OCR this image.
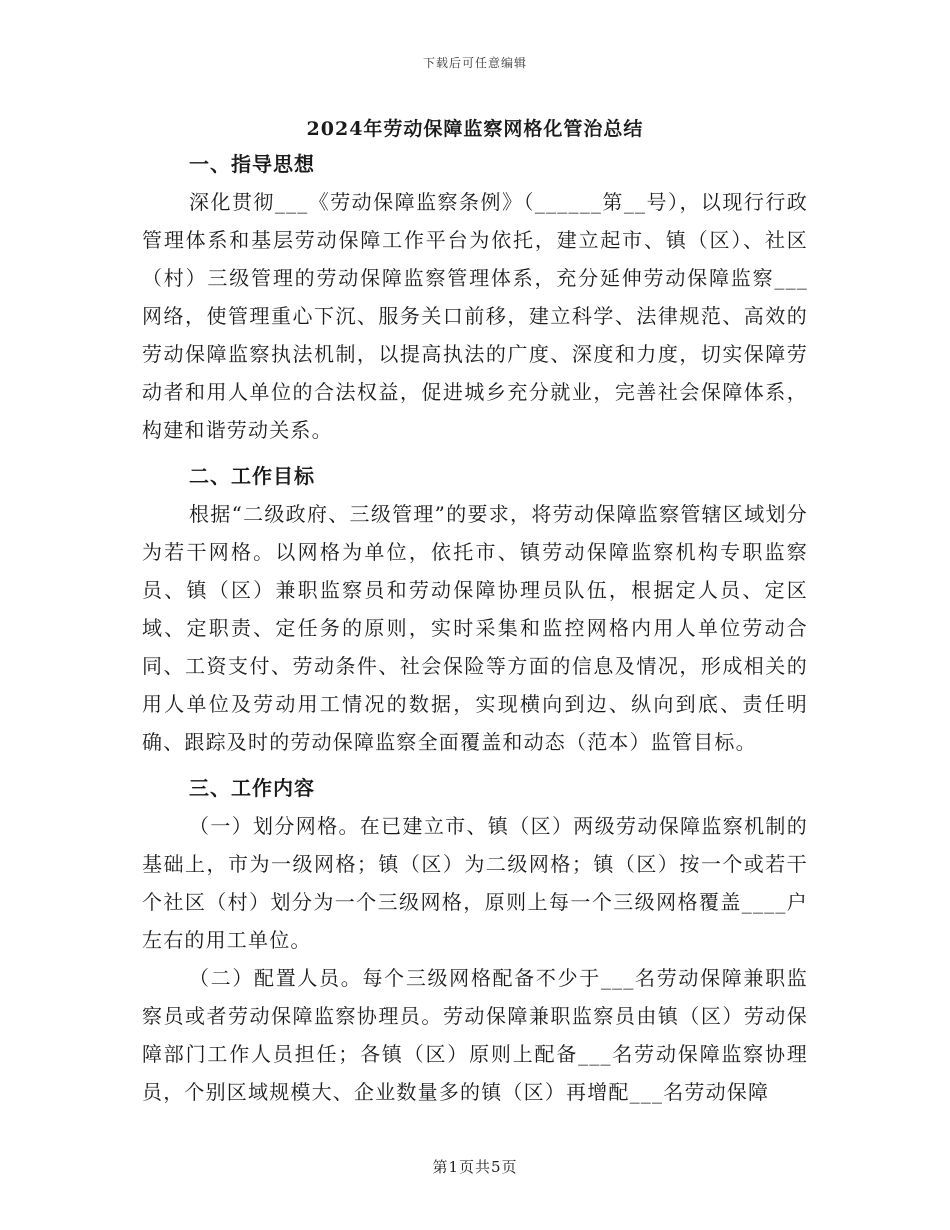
下载后可任意编辑
2024年劳动保障监察网格化管治总结
一、指导思想

深化贯彻___《劳动保障监察条例》（______第__号），以现行行政管理体系和基层劳动保障工作平台为依托，建立起市、镇（区）、社区（村）三级管理的劳动保障监察管理体系，充分延伸劳动保障监察___网络，使管理重心下沉、服务关口前移，建立科学、法律规范、高效的劳动保障监察执法机制，以提高执法的广度、深度和力度，切实保障劳动者和用人单位的合法权益，促进城乡充分就业，完善社会保障体系，构建和谐劳动关系。

二、工作目标

根据“二级政府、三级管理”的要求，将劳动保障监察管辖区域划分为若干网格。以网格为单位，依托市、镇劳动保障监察机构专职监察员、镇（区）兼职监察员和劳动保障协理员队伍，根据定人员、定区域、定职责、定任务的原则，实时采集和监控网格内用人单位劳动合同、工资支付、劳动条件、社会保险等方面的信息及情况，形成相关的用人单位及劳动用工情况的数据，实现横向到边、纵向到底、责任明确、跟踪及时的劳动保障监察全面覆盖和动态（范本）监管目标。

三、工作内容

（一）划分网格。在已建立市、镇（区）两级劳动保障监察机制的基础上，市为一级网格；镇（区）为二级网格；镇（区）按一个或若干个社区（村）划分为一个三级网格，原则上每一个三级网格覆盖____户左右的用工单位。

（二）配置人员。每个三级网格配备不少于___名劳动保障兼职监察员或者劳动保障监察协理员。劳动保障兼职监察员由镇（区）劳动保障部门工作人员担任；各镇（区）原则上配备___名劳动保障监察协理员，个别区域规模大、企业数量多的镇（区）再增配___名劳动保障

第1页共5页
